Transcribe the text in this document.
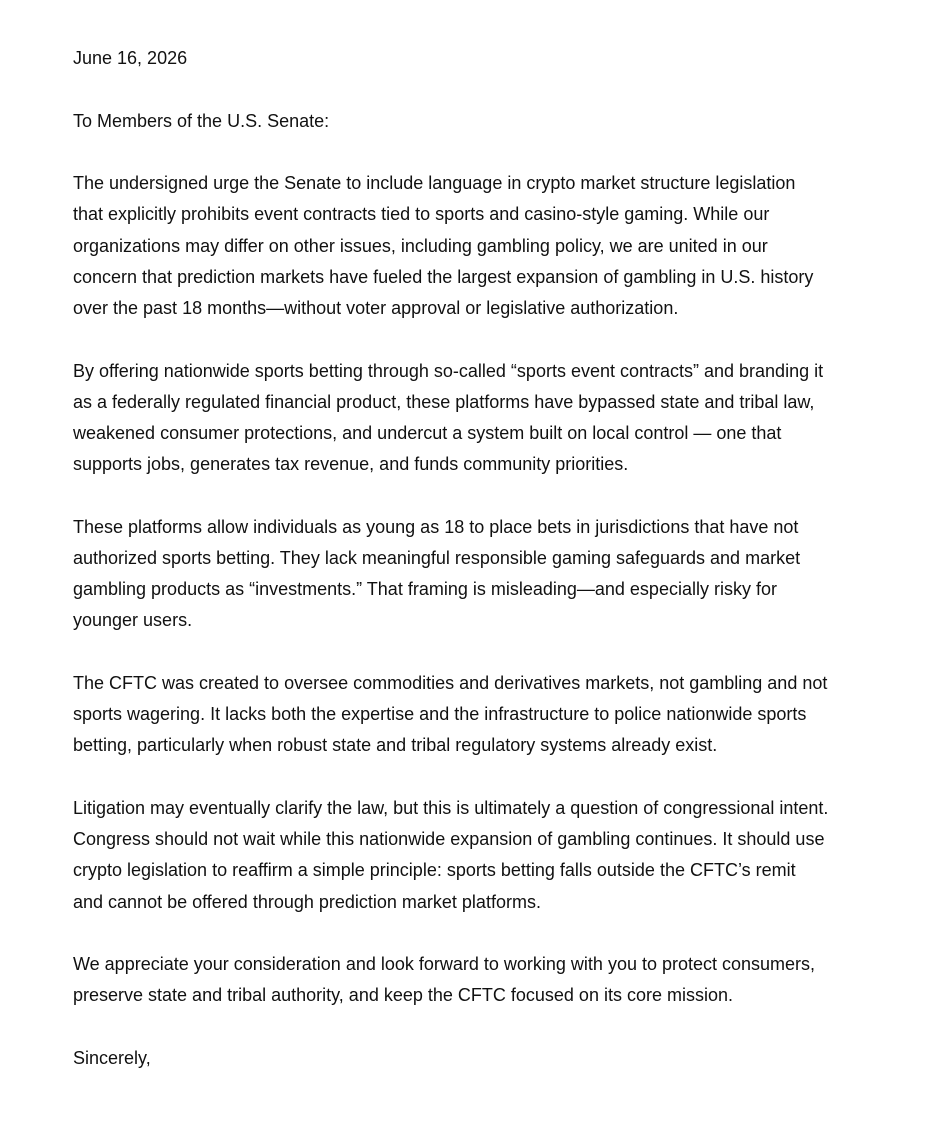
June 16, 2026

To Members of the U.S. Senate:

The undersigned urge the Senate to include language in crypto market structure legislation

that explicitly prohibits event contracts tied to sports and casino-style gaming. While our

organizations may differ on other issues, including gambling policy, we are united in our

concern that prediction markets have fueled the largest expansion of gambling in U.S. history

over the past 18 months—without voter approval or legislative authorization.

By offering nationwide sports betting through so-called “sports event contracts” and branding it

as a federally regulated financial product, these platforms have bypassed state and tribal law,

weakened consumer protections, and undercut a system built on local control — one that

supports jobs, generates tax revenue, and funds community priorities.

These platforms allow individuals as young as 18 to place bets in jurisdictions that have not

authorized sports betting. They lack meaningful responsible gaming safeguards and market

gambling products as “investments.” That framing is misleading—and especially risky for

younger users.

The CFTC was created to oversee commodities and derivatives markets, not gambling and not

sports wagering. It lacks both the expertise and the infrastructure to police nationwide sports

betting, particularly when robust state and tribal regulatory systems already exist.

Litigation may eventually clarify the law, but this is ultimately a question of congressional intent.

Congress should not wait while this nationwide expansion of gambling continues. It should use

crypto legislation to reaffirm a simple principle: sports betting falls outside the CFTC’s remit

and cannot be offered through prediction market platforms.

We appreciate your consideration and look forward to working with you to protect consumers,

preserve state and tribal authority, and keep the CFTC focused on its core mission.

Sincerely,
